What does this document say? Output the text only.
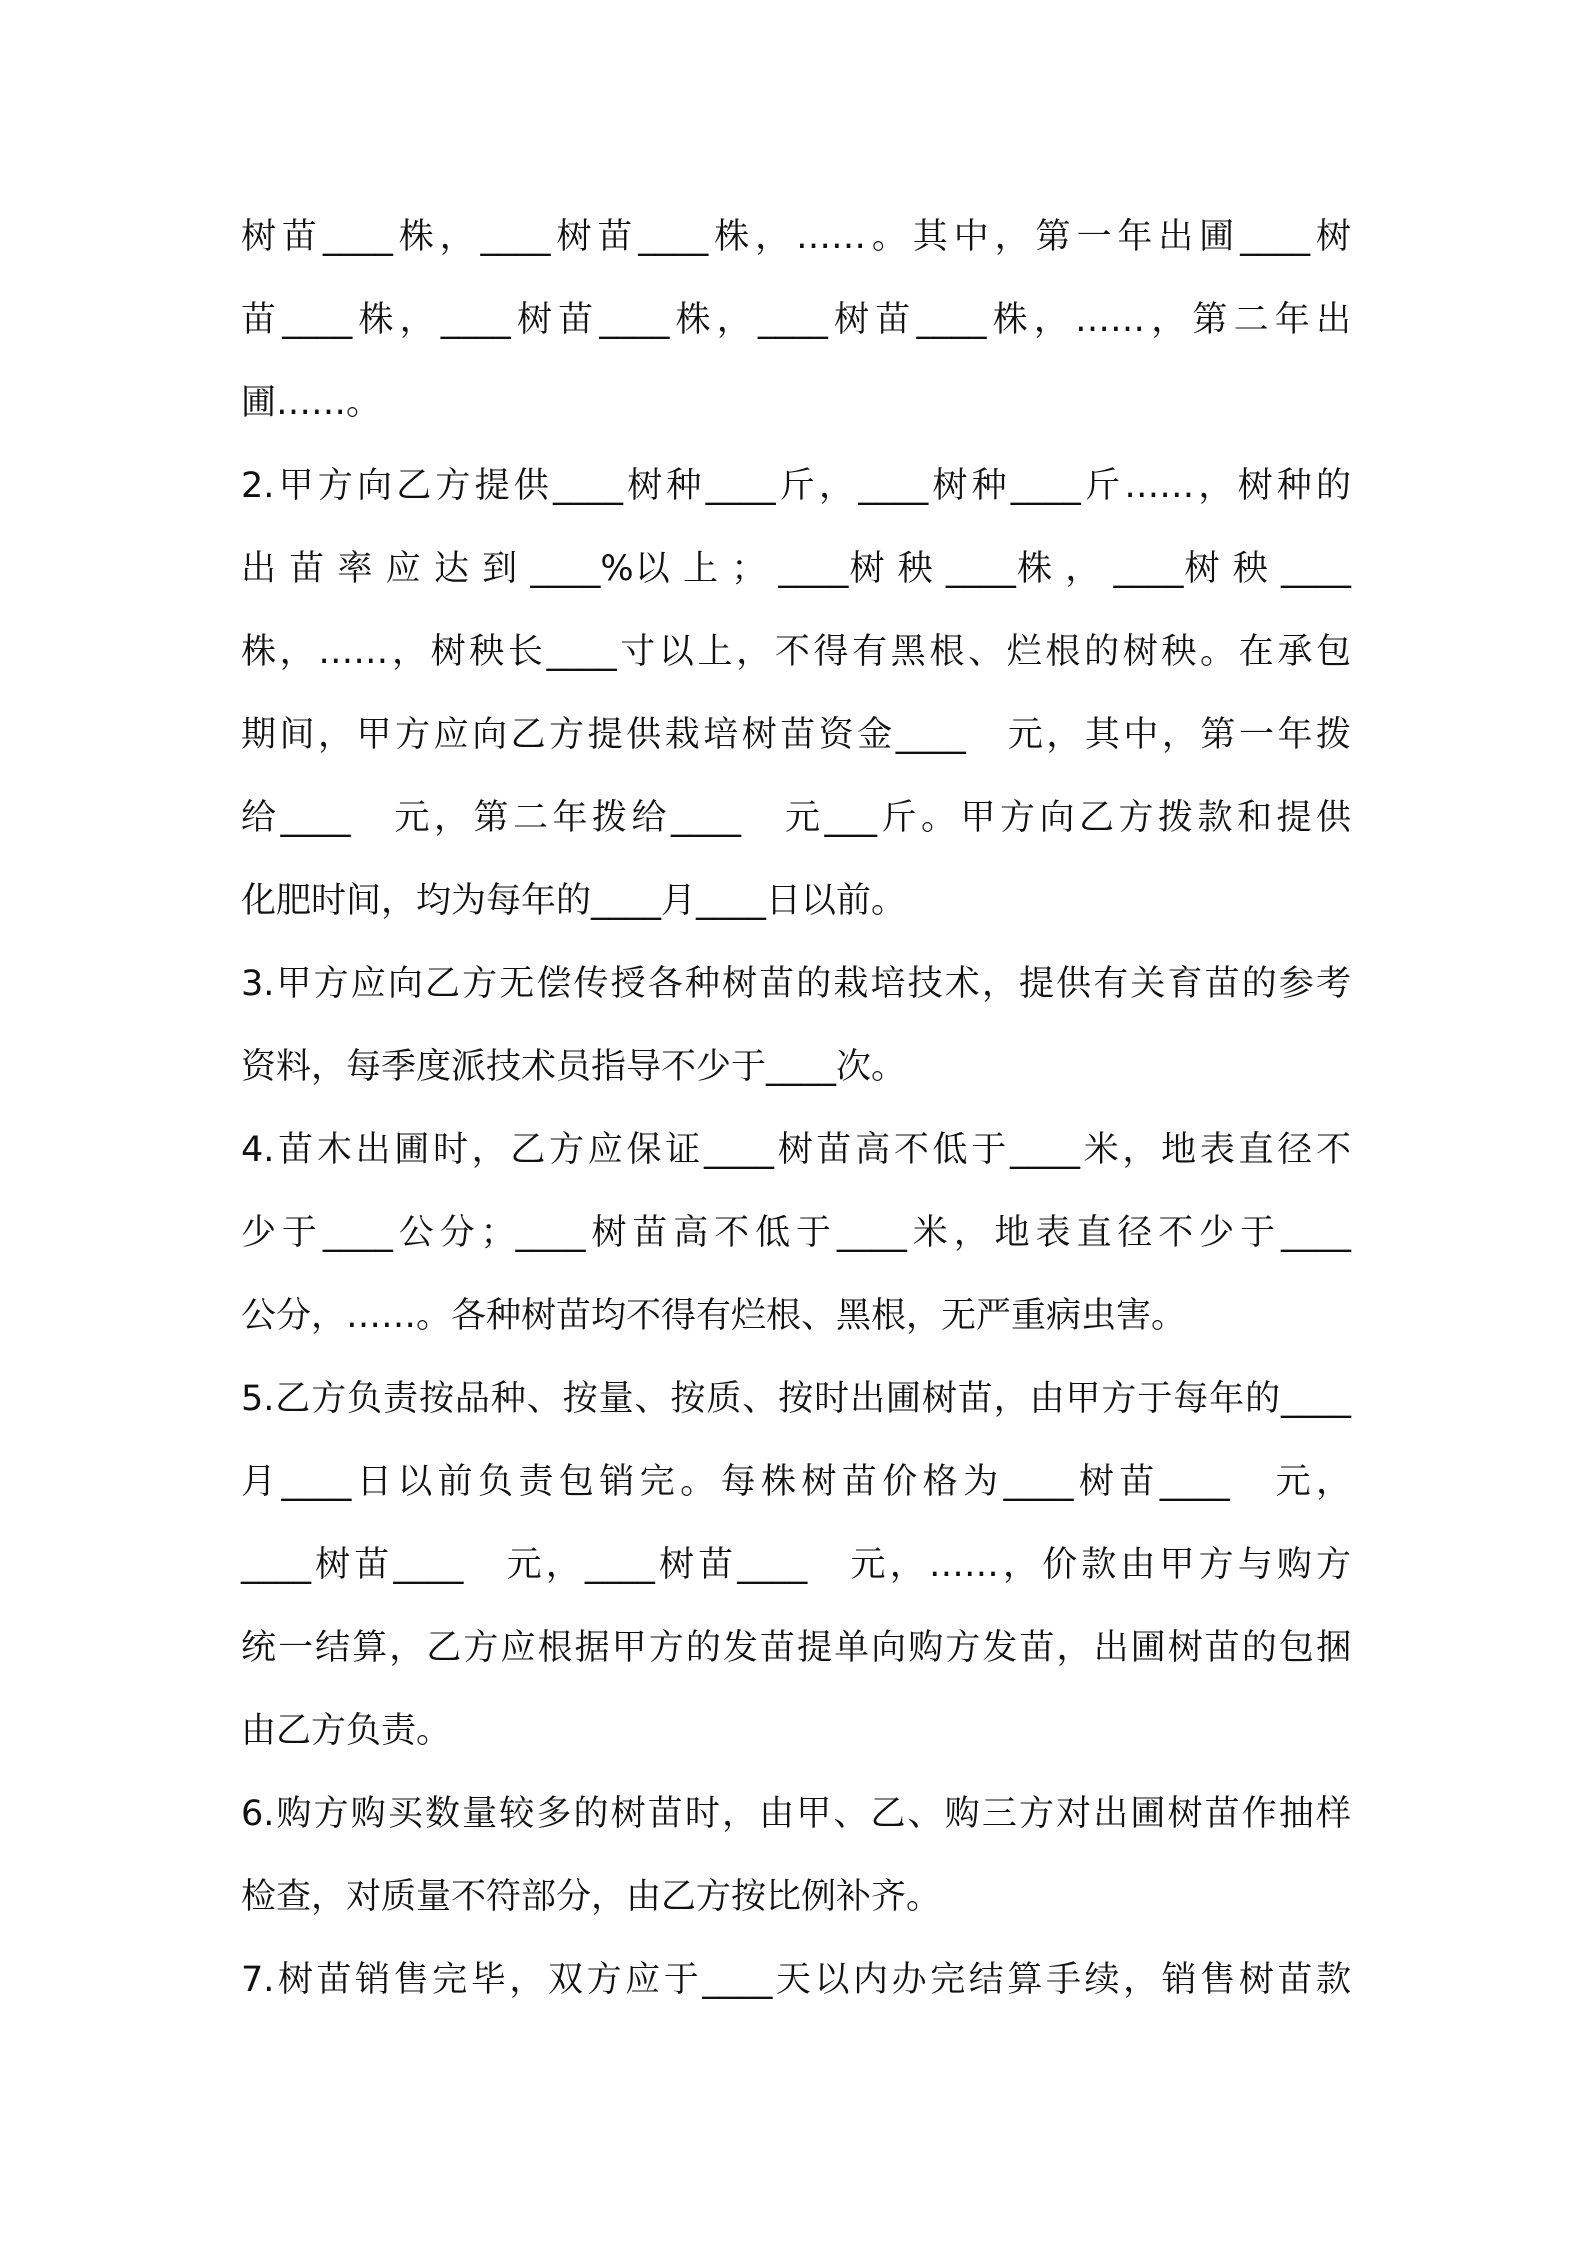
树苗____株，____树苗____株，……。其中，第一年出圃____树
苗____株，____树苗____株，____树苗____株，……，第二年出
圃……。
2.甲方向乙方提供____树种____斤，____树种____斤……，树种的
出 苗 率 应 达 到 ____%以 上 ； ____树 秧 ____株 ， ____树 秧 ____
株，……，树秧长____寸以上，不得有黑根、烂根的树秧。在承包
期间，甲方应向乙方提供栽培树苗资金____　元，其中，第一年拨
给____　元，第二年拨给____　元___斤。甲方向乙方拨款和提供
化肥时间，均为每年的____月____日以前。
3.甲方应向乙方无偿传授各种树苗的栽培技术，提供有关育苗的参考
资料，每季度派技术员指导不少于____次。
4.苗木出圃时，乙方应保证____树苗高不低于____米，地表直径不
少于____公分；____树苗高不低于____米，地表直径不少于____
公分，……。各种树苗均不得有烂根、黑根，无严重病虫害。
5.乙方负责按品种、按量、按质、按时出圃树苗，由甲方于每年的____
月____日以前负责包销完。每株树苗价格为____树苗____　元，
____树苗____　元，____树苗____　元，……，价款由甲方与购方
统一结算，乙方应根据甲方的发苗提单向购方发苗，出圃树苗的包捆
由乙方负责。
6.购方购买数量较多的树苗时，由甲、乙、购三方对出圃树苗作抽样
检查，对质量不符部分，由乙方按比例补齐。
7.树苗销售完毕，双方应于____天以内办完结算手续，销售树苗款
